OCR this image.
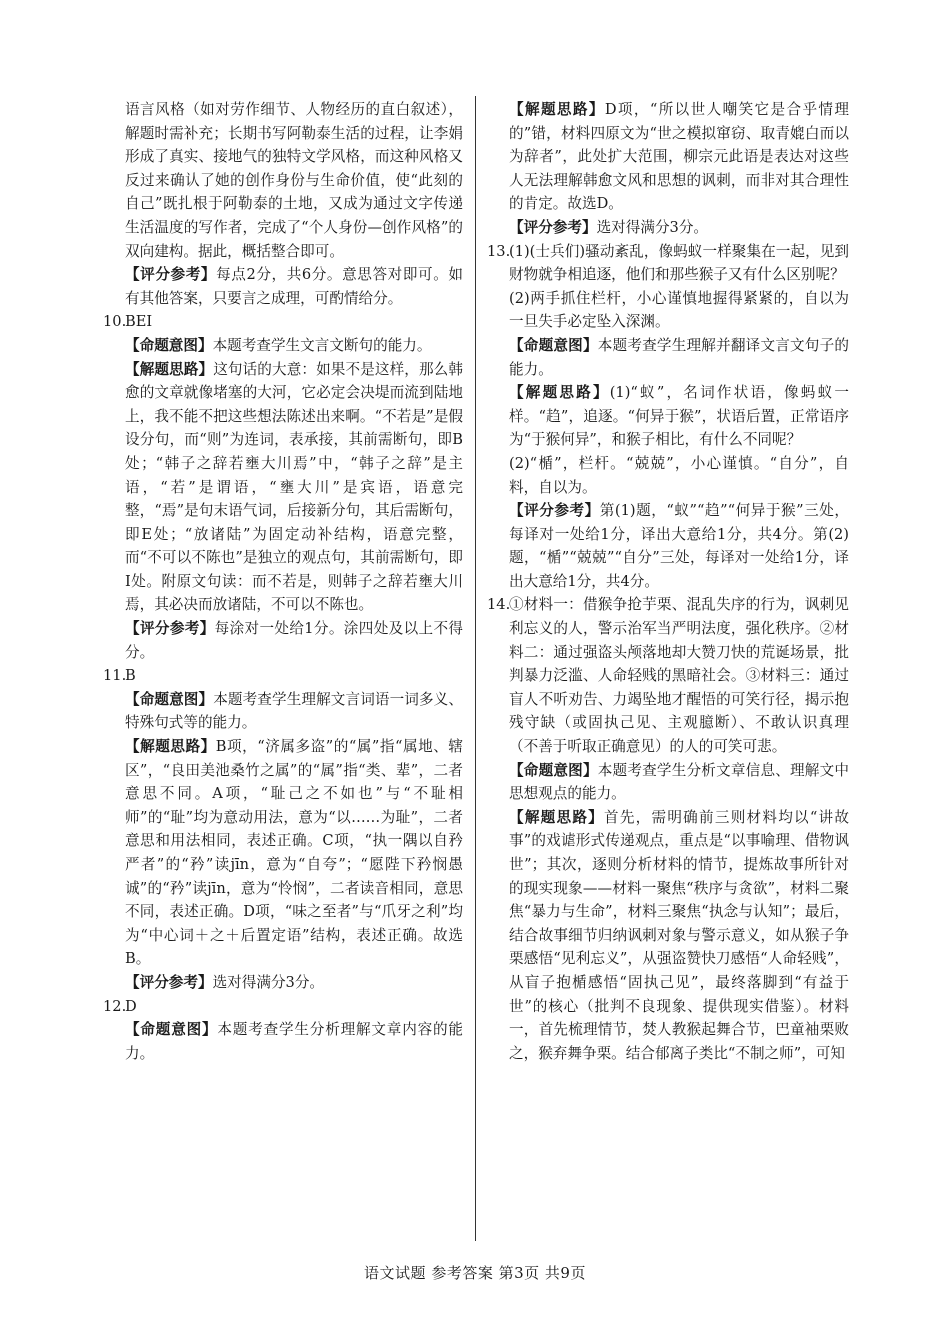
语言风格（如对劳作细节、人物经历的直白叙述），解题时需补充；长期书写阿勒泰生活的过程，让李娟形成了真实、接地气的独特文学风格，而这种风格又反过来确认了她的创作身份与生命价值，使“此刻的自己”既扎根于阿勒泰的土地，又成为通过文字传递生活温度的写作者，完成了“个人身份—创作风格”的双向建构。据此，概括整合即可。

【评分参考】每点2分，共6分。意思答对即可。如有其他答案，只要言之成理，可酌情给分。

10.
BEI
【命题意图】本题考查学生文言文断句的能力。
【解题思路】这句话的大意：如果不是这样，那么韩愈的文章就像堵塞的大河，它必定会决堤而流到陆地上，我不能不把这些想法陈述出来啊。“不若是”是假设分句，而“则”为连词，表承接，其前需断句，即B处；“韩子之辞若壅大川焉”中，“韩子之辞”是主语，“若”是谓语，“壅大川”是宾语，语意完整，“焉”是句末语气词，后接新分句，其后需断句，即E处；“放诸陆”为固定动补结构，语意完整，而“不可以不陈也”是独立的观点句，其前需断句，即I处。附原文句读：而不若是，则韩子之辞若壅大川焉，其必决而放诸陆，不可以不陈也。
【评分参考】每涂对一处给1分。涂四处及以上不得分。
11.
B
【命题意图】本题考查学生理解文言词语一词多义、特殊句式等的能力。
【解题思路】B项，“济属多盗”的“属”指“属地、辖区”，“良田美池桑竹之属”的“属”指“类、辈”，二者意思不同。A项，“耻己之不如也”与“不耻相师”的“耻”均为意动用法，意为“以……为耻”，二者意思和用法相同，表述正确。C项，“执一隅以自矜严者”的“矜”读jīn，意为“自夸”；“愿陛下矜悯愚诚”的“矜”读jīn，意为“怜悯”，二者读音相同，意思不同，表述正确。D项，“味之至者”与“爪牙之利”均为“中心词＋之＋后置定语”结构，表述正确。故选B。
【评分参考】选对得满分3分。
12.
D
【命题意图】本题考查学生分析理解文章内容的能力。

【解题思路】D项，“所以世人嘲笑它是合乎情理的”错，材料四原文为“世之模拟窜窃、取青媲白而以为辞者”，此处扩大范围，柳宗元此语是表达对这些人无法理解韩愈文风和思想的讽刺，而非对其合理性的肯定。故选D。

【评分参考】选对得满分3分。

13.
(1)(士兵们)骚动紊乱，像蚂蚁一样聚集在一起，见到财物就争相追逐，他们和那些猴子又有什么区别呢？
(2)两手抓住栏杆，小心谨慎地握得紧紧的，自以为一旦失手必定坠入深渊。
【命题意图】本题考查学生理解并翻译文言文句子的能力。
【解题思路】(1)“蚁”，名词作状语，像蚂蚁一样。“趋”，追逐。“何异于猴”，状语后置，正常语序为“于猴何异”，和猴子相比，有什么不同呢？
(2)“楯”，栏杆。“兢兢”，小心谨慎。“自分”，自料，自以为。
【评分参考】第(1)题，“蚁”“趋”“何异于猴”三处，每译对一处给1分，译出大意给1分，共4分。第(2)题，“楯”“兢兢”“自分”三处，每译对一处给1分，译出大意给1分，共4分。
14.
①材料一：借猴争抢芋栗、混乱失序的行为，讽刺见利忘义的人，警示治军当严明法度，强化秩序。②材料二：通过强盗头颅落地却大赞刀快的荒诞场景，批判暴力泛滥、人命轻贱的黑暗社会。③材料三：通过盲人不听劝告、力竭坠地才醒悟的可笑行径，揭示抱残守缺（或固执己见、主观臆断）、不敢认识真理（不善于听取正确意见）的人的可笑可悲。
【命题意图】本题考查学生分析文章信息、理解文中思想观点的能力。
【解题思路】首先，需明确前三则材料均以“讲故事”的戏谑形式传递观点，重点是“以事喻理、借物讽世”；其次，逐则分析材料的情节，提炼故事所针对的现实现象——材料一聚焦“秩序与贪欲”，材料二聚焦“暴力与生命”，材料三聚焦“执念与认知”；最后，结合故事细节归纳讽刺对象与警示意义，如从猴子争栗感悟“见利忘义”，从强盗赞快刀感悟“人命轻贱”，从盲子抱楯感悟“固执己见”，最终落脚到“有益于世”的核心（批判不良现象、提供现实借鉴）。材料一，首先梳理情节，焚人教猴起舞合节，巴童袖栗败之，猴弃舞争栗。结合郁离子类比“不制之师”，可知
语文试题 参考答案 第3页 共9页
